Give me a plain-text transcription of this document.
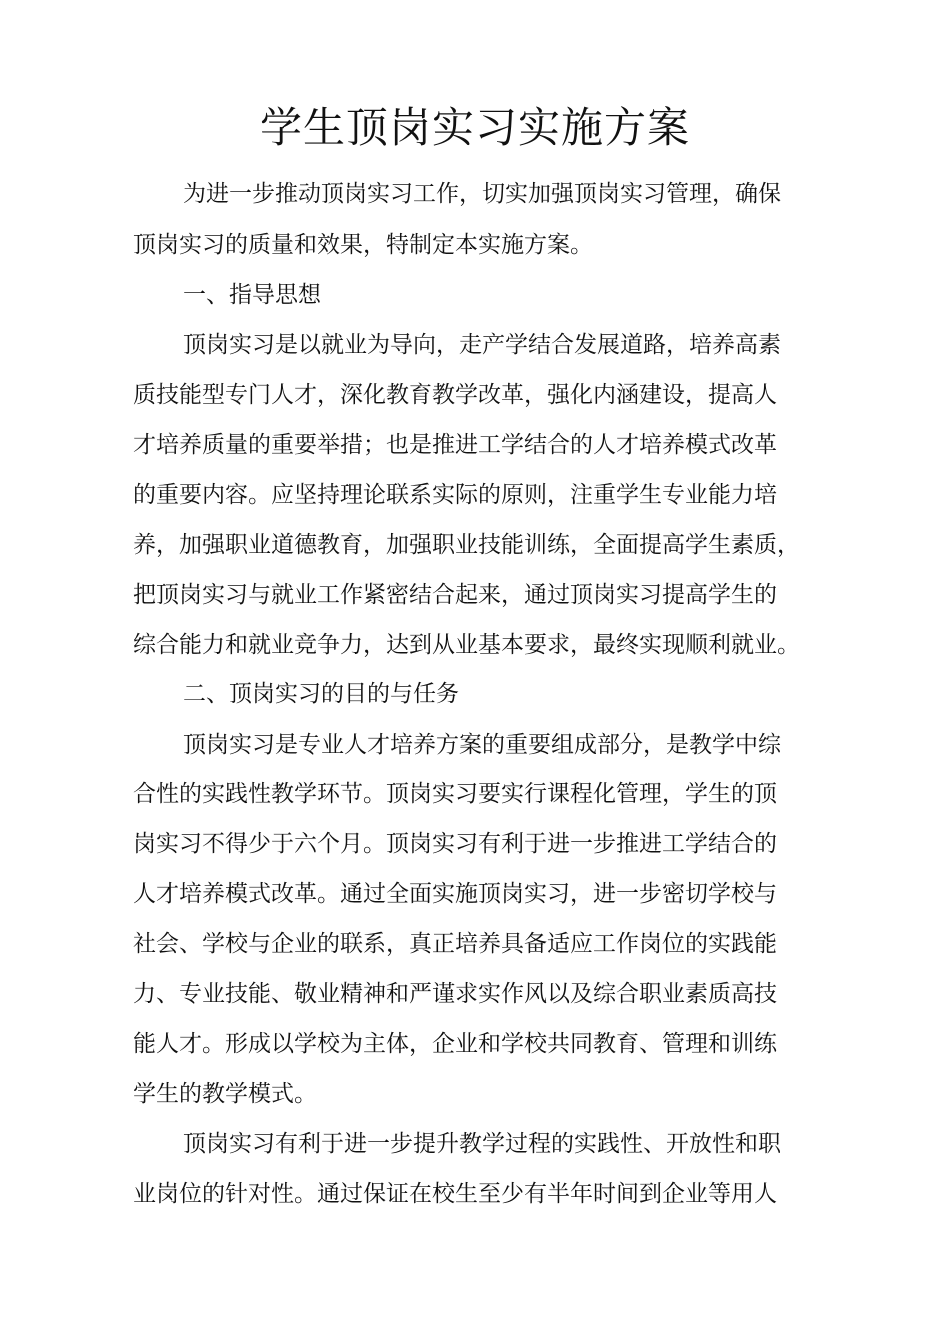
学生顶岗实习实施方案
为进一步推动顶岗实习工作，切实加强顶岗实习管理，确保
顶岗实习的质量和效果，特制定本实施方案。
一、指导思想
顶岗实习是以就业为导向，走产学结合发展道路，培养高素
质技能型专门人才，深化教育教学改革，强化内涵建设，提高人
才培养质量的重要举措；也是推进工学结合的人才培养模式改革
的重要内容。应坚持理论联系实际的原则，注重学生专业能力培
养，加强职业道德教育，加强职业技能训练，全面提高学生素质，
把顶岗实习与就业工作紧密结合起来，通过顶岗实习提高学生的
综合能力和就业竞争力，达到从业基本要求，最终实现顺利就业。
二、顶岗实习的目的与任务
顶岗实习是专业人才培养方案的重要组成部分，是教学中综
合性的实践性教学环节。顶岗实习要实行课程化管理，学生的顶
岗实习不得少于六个月。顶岗实习有利于进一步推进工学结合的
人才培养模式改革。通过全面实施顶岗实习，进一步密切学校与
社会、学校与企业的联系，真正培养具备适应工作岗位的实践能
力、专业技能、敬业精神和严谨求实作风以及综合职业素质高技
能人才。形成以学校为主体，企业和学校共同教育、管理和训练
学生的教学模式。
顶岗实习有利于进一步提升教学过程的实践性、开放性和职
业岗位的针对性。通过保证在校生至少有半年时间到企业等用人
